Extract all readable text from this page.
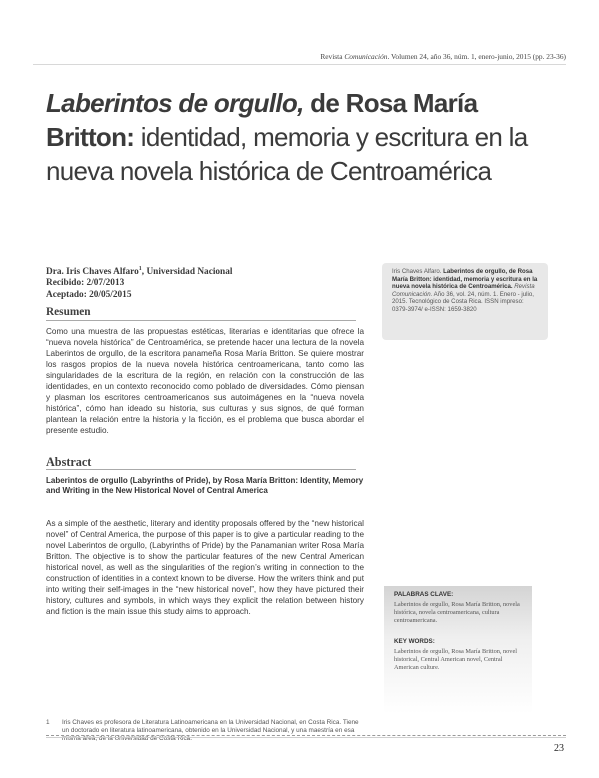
Revista Comunicación. Volumen 24, año 36, núm. 1, enero-junio, 2015 (pp. 23-36)
Laberintos de orgullo, de Rosa María
Britton: identidad, memoria y escritura en la nueva novela histórica de Centroamérica
Dra. Iris Chaves Alfaro$^1$, Universidad Nacional
Recibido: 2/07/2013
Aceptado: 20/05/2015
Iris Chaves Alfaro. Laberintos de orgullo, de Rosa María Britton: identidad, memoria y escritura en la nueva novela histórica de Centroamérica. Revista Comunicación. Año 36, vol. 24, núm. 1. Enero - julio, 2015. Tecnológico de Costa Rica. ISSN impreso: 0379-3974/ e-ISSN: 1659-3820
Resumen
Como una muestra de las propuestas estéticas, literarias e identitarias que ofrece la “nueva novela histórica” de Centroamérica, se pretende hacer una lectura de la novela Laberintos de orgullo, de la escritora panameña Rosa María Britton. Se quiere mostrar los rasgos propios de la nueva novela histórica centroamericana, tanto como las singularidades de la escritura de la región, en relación con la construcción de las identidades, en un contexto reconocido como poblado de diversidades. Cómo piensan y plasman los escritores centroamericanos sus autoimágenes en la “nueva novela histórica”, cómo han ideado su historia, sus culturas y sus signos, de qué forman plantean la relación entre la historia y la ficción, es el problema que busca abordar el presente estudio.
Abstract
Laberintos de orgullo (Labyrinths of Pride), by Rosa María Britton: Identity, Memory and Writing in the New Historical Novel of Central America
As a simple of the aesthetic, literary and identity proposals offered by the “new historical novel” of Central America, the purpose of this paper is to give a particular reading to the novel Laberintos de orgullo, (Labyrinths of Pride) by the Panamanian writer Rosa María Britton. The objective is to show the particular features of the new Central American historical novel, as well as the singularities of the region’s writing in connection to the construction of identities in a context known to be diverse. How the writers think and put into writing their self-images in the “new historical novel”, how they have pictured their history, cultures and symbols, in which ways they explicit the relation between history and fiction is the main issue this study aims to approach.
PALABRAS CLAVE:
Laberintos de orgullo, Rosa María Britton, novela histórica, novela centroamericana, cultura centroamericana.
KEY WORDS:
Laberintos de orgullo, Rosa María Britton, novel historical, Central American novel, Central American culture.
1	Iris Chaves es profesora de Literatura Latinoamericana en la Universidad Nacional, en Costa Rica. Tiene un doctorado en literatura latinoamericana, obtenido en la Universidad Nacional, y una maestría en esa misma área, de la Universidad de Costa Rica.
23
